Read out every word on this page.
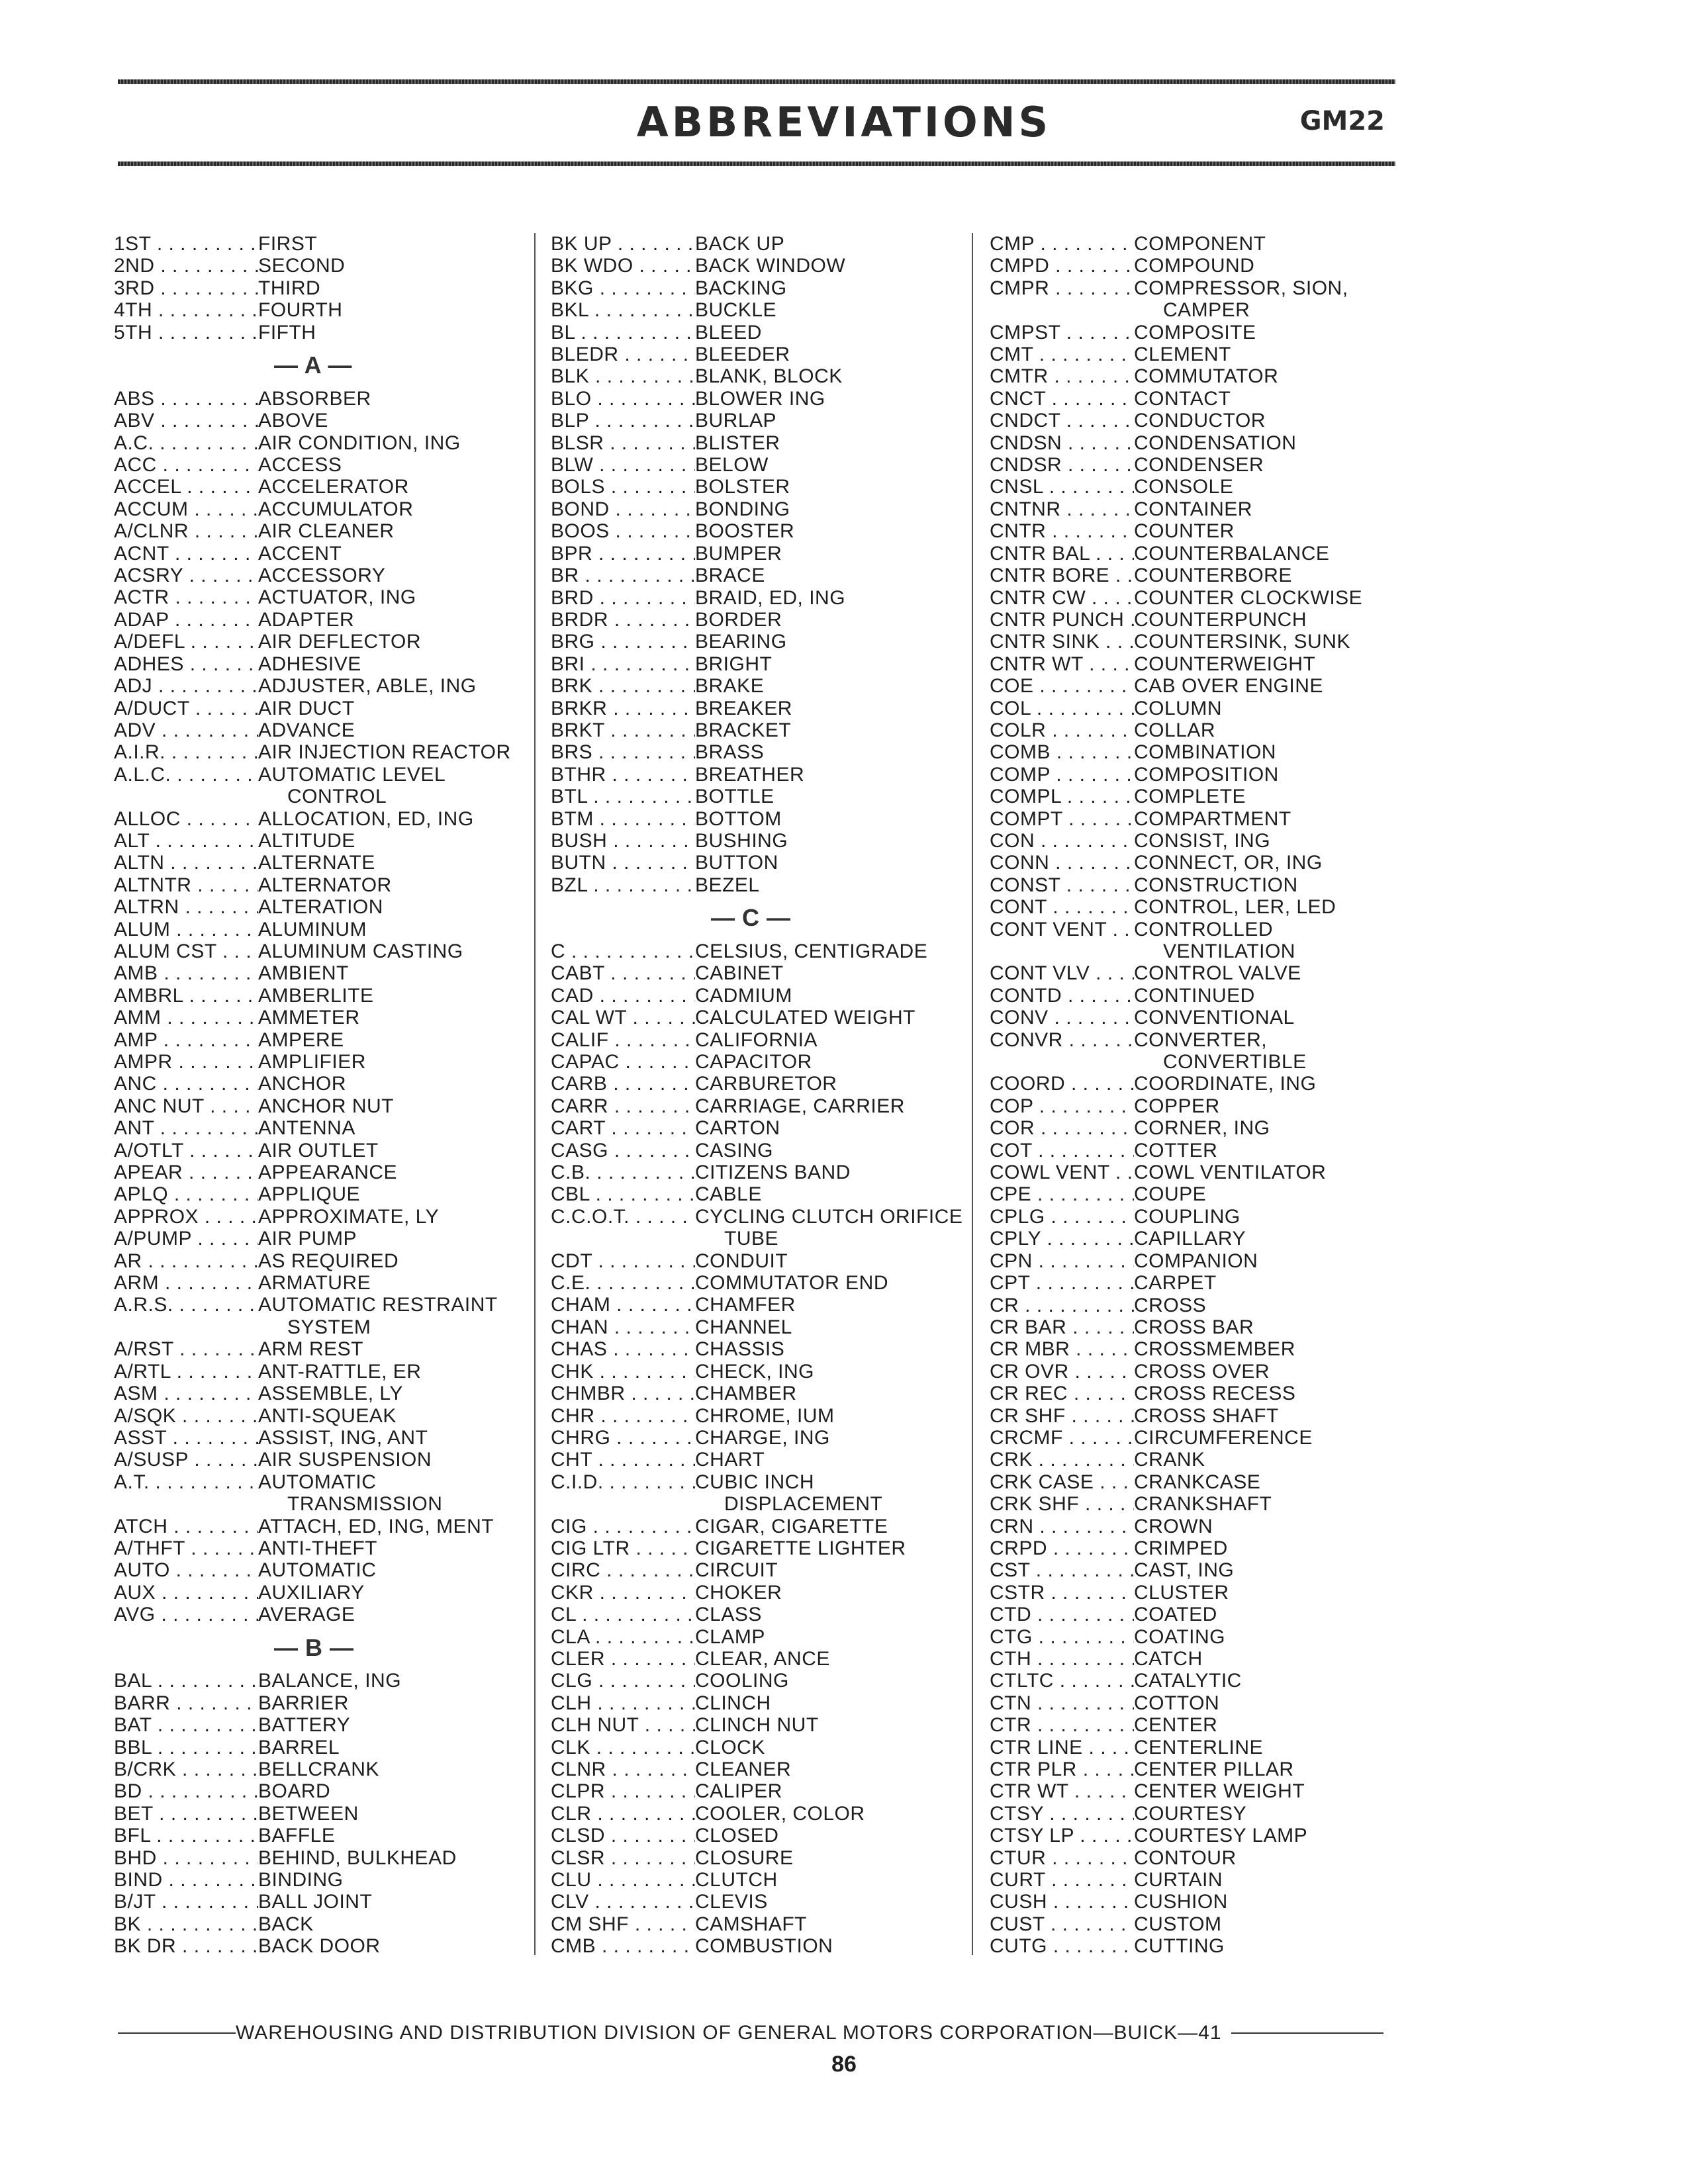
ABBREVIATIONS	GM22
1ST . . .	FIRST
2ND . . .	SECOND
3RD . . .	THIRD
4TH . . .	FOURTH
5TH . . .	FIFTH
— A —
ABS . . .	ABSORBER
ABV . . .	ABOVE
A.C. . . .	AIR CONDITION, ING
ACC . . .	ACCESS
ACCEL . . .	ACCELERATOR
ACCUM . . .	ACCUMULATOR
A/CLNR . . .	AIR CLEANER
ACNT . . .	ACCENT
ACSRY . . .	ACCESSORY
ACTR . . .	ACTUATOR, ING
ADAP . . .	ADAPTER
A/DEFL . . .	AIR DEFLECTOR
ADHES . . .	ADHESIVE
ADJ . . .	ADJUSTER, ABLE, ING
A/DUCT . . .	AIR DUCT
ADV . . .	ADVANCE
A.I.R. . . .	AIR INJECTION REACTOR
A.L.C. . . .	AUTOMATIC LEVEL
CONTROL
ALLOC . . .	ALLOCATION, ED, ING
ALT . . .	ALTITUDE
ALTN . . .	ALTERNATE
ALTNTR . . .	ALTERNATOR
ALTRN . . .	ALTERATION
ALUM . . .	ALUMINUM
ALUM CST . . .	ALUMINUM CASTING
AMB . . .	AMBIENT
AMBRL . . .	AMBERLITE
AMM . . .	AMMETER
AMP . . .	AMPERE
AMPR . . .	AMPLIFIER
ANC . . .	ANCHOR
ANC NUT . . .	ANCHOR NUT
ANT . . .	ANTENNA
A/OTLT . . .	AIR OUTLET
APEAR . . .	APPEARANCE
APLQ . . .	APPLIQUE
APPROX . . .	APPROXIMATE, LY
A/PUMP . . .	AIR PUMP
AR . . .	AS REQUIRED
ARM . . .	ARMATURE
A.R.S. . . .	AUTOMATIC RESTRAINT
SYSTEM
A/RST . . .	ARM REST
A/RTL . . .	ANT-RATTLE, ER
ASM . . .	ASSEMBLE, LY
A/SQK . . .	ANTI-SQUEAK
ASST . . .	ASSIST, ING, ANT
A/SUSP . . .	AIR SUSPENSION
A.T. . . .	AUTOMATIC
TRANSMISSION
ATCH . . .	ATTACH, ED, ING, MENT
A/THFT . . .	ANTI-THEFT
AUTO . . .	AUTOMATIC
AUX . . .	AUXILIARY
AVG . . .	AVERAGE
— B —
BAL . . .	BALANCE, ING
BARR . . .	BARRIER
BAT . . .	BATTERY
BBL . . .	BARREL
B/CRK . . .	BELLCRANK
BD . . .	BOARD
BET . . .	BETWEEN
BFL . . .	BAFFLE
BHD . . .	BEHIND, BULKHEAD
BIND . . .	BINDING
B/JT . . .	BALL JOINT
BK . . .	BACK
BK DR . . .	BACK DOOR
BK UP . . .	BACK UP
BK WDO . . .	BACK WINDOW
BKG . . .	BACKING
BKL . . .	BUCKLE
BL . . .	BLEED
BLEDR . . .	BLEEDER
BLK . . .	BLANK, BLOCK
BLO . . .	BLOWER ING
BLP . . .	BURLAP
BLSR . . .	BLISTER
BLW . . .	BELOW
BOLS . . .	BOLSTER
BOND . . .	BONDING
BOOS . . .	BOOSTER
BPR . . .	BUMPER
BR . . .	BRACE
BRD . . .	BRAID, ED, ING
BRDR . . .	BORDER
BRG . . .	BEARING
BRI . . .	BRIGHT
BRK . . .	BRAKE
BRKR . . .	BREAKER
BRKT . . .	BRACKET
BRS . . .	BRASS
BTHR . . .	BREATHER
BTL . . .	BOTTLE
BTM . . .	BOTTOM
BUSH . . .	BUSHING
BUTN . . .	BUTTON
BZL . . .	BEZEL
— C —
C . . .	CELSIUS, CENTIGRADE
CABT . . .	CABINET
CAD . . .	CADMIUM
CAL WT . . .	CALCULATED WEIGHT
CALIF . . .	CALIFORNIA
CAPAC . . .	CAPACITOR
CARB . . .	CARBURETOR
CARR . . .	CARRIAGE, CARRIER
CART . . .	CARTON
CASG . . .	CASING
C.B. . . .	CITIZENS BAND
CBL . . .	CABLE
C.C.O.T. . . .	CYCLING CLUTCH ORIFICE
TUBE
CDT . . .	CONDUIT
C.E. . . .	COMMUTATOR END
CHAM . . .	CHAMFER
CHAN . . .	CHANNEL
CHAS . . .	CHASSIS
CHK . . .	CHECK, ING
CHMBR . . .	CHAMBER
CHR . . .	CHROME, IUM
CHRG . . .	CHARGE, ING
CHT . . .	CHART
C.I.D. . . .	CUBIC INCH
DISPLACEMENT
CIG . . .	CIGAR, CIGARETTE
CIG LTR . . .	CIGARETTE LIGHTER
CIRC . . .	CIRCUIT
CKR . . .	CHOKER
CL . . .	CLASS
CLA . . .	CLAMP
CLER . . .	CLEAR, ANCE
CLG . . .	COOLING
CLH . . .	CLINCH
CLH NUT . . .	CLINCH NUT
CLK . . .	CLOCK
CLNR . . .	CLEANER
CLPR . . .	CALIPER
CLR . . .	COOLER, COLOR
CLSD . . .	CLOSED
CLSR . . .	CLOSURE
CLU . . .	CLUTCH
CLV . . .	CLEVIS
CM SHF . . .	CAMSHAFT
CMB . . .	COMBUSTION
CMP . . .	COMPONENT
CMPD . . .	COMPOUND
CMPR . . .	COMPRESSOR, SION,
CAMPER
CMPST . . .	COMPOSITE
CMT . . .	CLEMENT
CMTR . . .	COMMUTATOR
CNCT . . .	CONTACT
CNDCT . . .	CONDUCTOR
CNDSN . . .	CONDENSATION
CNDSR . . .	CONDENSER
CNSL . . .	CONSOLE
CNTNR . . .	CONTAINER
CNTR . . .	COUNTER
CNTR BAL . . .	COUNTERBALANCE
CNTR BORE . . .	COUNTERBORE
CNTR CW . . .	COUNTER CLOCKWISE
CNTR PUNCH . . . COUNTERPUNCH
CNTR SINK . . .	COUNTERSINK, SUNK
CNTR WT . . .	COUNTERWEIGHT
COE . . .	CAB OVER ENGINE
COL . . .	COLUMN
COLR . . .	COLLAR
COMB . . .	COMBINATION
COMP . . .	COMPOSITION
COMPL . . .	COMPLETE
COMPT . . .	COMPARTMENT
CON . . .	CONSIST, ING
CONN . . .	CONNECT, OR, ING
CONST . . .	CONSTRUCTION
CONT . . .	CONTROL, LER, LED
CONT VENT . . .	CONTROLLED
VENTILATION
CONT VLV . . .	CONTROL VALVE
CONTD . . .	CONTINUED
CONV . . .	CONVENTIONAL
CONVR . . .	CONVERTER,
CONVERTIBLE
COORD . . .	COORDINATE, ING
COP . . .	COPPER
COR . . .	CORNER, ING
COT . . .	COTTER
COWL VENT . . .	COWL VENTILATOR
CPE . . .	COUPE
CPLG . . .	COUPLING
CPLY . . .	CAPILLARY
CPN . . .	COMPANION
CPT . . .	CARPET
CR . . .	CROSS
CR BAR . . .	CROSS BAR
CR MBR . . .	CROSSMEMBER
CR OVR . . .	CROSS OVER
CR REC . . .	CROSS RECESS
CR SHF . . .	CROSS SHAFT
CRCMF . . .	CIRCUMFERENCE
CRK . . .	CRANK
CRK CASE . . .	CRANKCASE
CRK SHF . . .	CRANKSHAFT
CRN . . .	CROWN
CRPD . . .	CRIMPED
CST . . .	CAST, ING
CSTR . . .	CLUSTER
CTD . . .	COATED
CTG . . .	COATING
CTH . . .	CATCH
CTLTC . . .	CATALYTIC
CTN . . .	COTTON
CTR . . .	CENTER
CTR LINE . . .	CENTERLINE
CTR PLR . . .	CENTER PILLAR
CTR WT . . .	CENTER WEIGHT
CTSY . . .	COURTESY
CTSY LP . . .	COURTESY LAMP
CTUR . . .	CONTOUR
CURT . . .	CURTAIN
CUSH . . .	CUSHION
CUST . . .	CUSTOM
CUTG . . .	CUTTING
WAREHOUSING AND DISTRIBUTION DIVISION OF GENERAL MOTORS CORPORATION—BUICK—41
86
